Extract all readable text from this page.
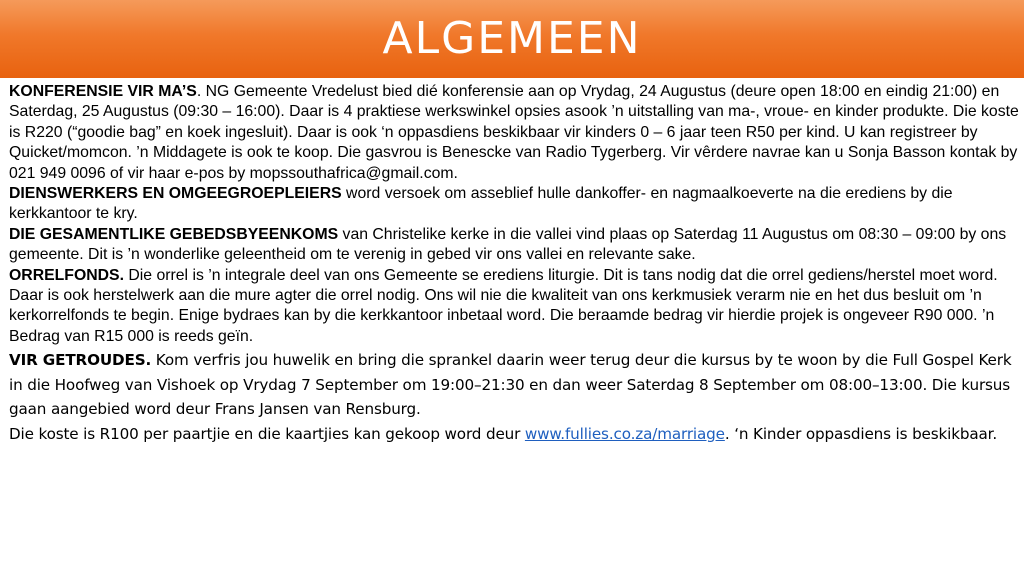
ALGEMEEN

KONFERENSIE VIR MA’S. NG Gemeente Vredelust bied dié konferensie aan op Vrydag, 24 Augustus (deure open 18:00 en eindig 21:00) en Saterdag, 25 Augustus (09:30 – 16:00). Daar is 4 praktiese werkswinkel opsies asook ’n uitstalling van ma-, vroue- en kinder produkte. Die koste is R220 (“goodie bag” en koek ingesluit). Daar is ook ‘n oppasdiens beskikbaar vir kinders 0 – 6 jaar teen R50 per kind. U kan registreer by Quicket/momcon. ’n Middagete is ook te koop. Die gasvrou is Benescke van Radio Tygerberg. Vir vêrdere navrae kan u Sonja Basson kontak by 021 949 0096 of vir haar e-pos by mopssouthafrica@gmail.com.

DIENSWERKERS EN OMGEEGROEPLEIERS word versoek om asseblief hulle dankoffer- en nagmaalkoeverte na die erediens by die kerkkantoor te kry.

DIE GESAMENTLIKE GEBEDSBYEENKOMS van Christelike kerke in die vallei vind plaas op Saterdag 11 Augustus om 08:30 – 09:00 by ons gemeente. Dit is ’n wonderlike geleentheid om te verenig in gebed vir ons vallei en relevante sake.

ORRELFONDS. Die orrel is ’n integrale deel van ons Gemeente se erediens liturgie. Dit is tans nodig dat die orrel gediens/herstel moet word. Daar is ook herstelwerk aan die mure agter die orrel nodig. Ons wil nie die kwaliteit van ons kerkmusiek verarm nie en het dus besluit om ’n kerkorrelfonds te begin. Enige bydraes kan by die kerkkantoor inbetaal word. Die beraamde bedrag vir hierdie projek is ongeveer R90 000. ’n Bedrag van R15 000 is reeds geïn.

VIR GETROUDES. Kom verfris jou huwelik en bring die sprankel daarin weer terug deur die kursus by te woon by die Full Gospel Kerk in die Hoofweg van Vishoek op Vrydag 7 September om 19:00–21:30 en dan weer Saterdag 8 September om 08:00–13:00. Die kursus gaan aangebied word deur Frans Jansen van Rensburg.
Die koste is R100 per paartjie en die kaartjies kan gekoop word deur www.fullies.co.za/marriage. ‘n Kinder oppasdiens is beskikbaar.
